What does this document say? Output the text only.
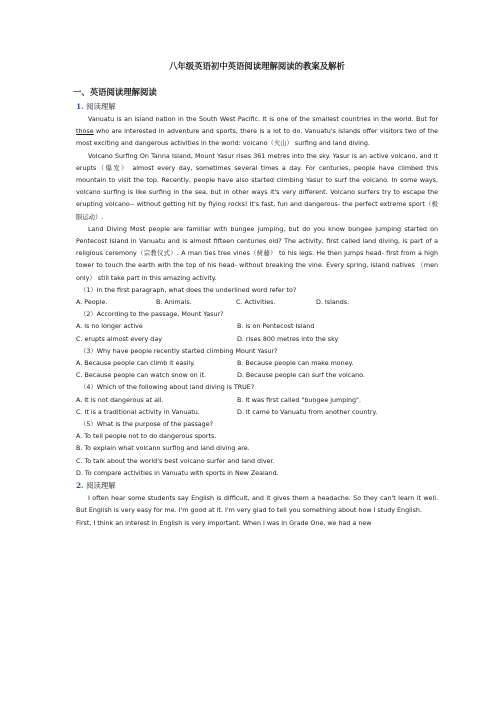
八年级英语初中英语阅读理解阅读的教案及解析
一、英语阅读理解阅读
1. 阅读理解

Vanuatu is an island nation in the South West Pacific. It is one of the smallest countries in the world. But for those who are interested in adventure and sports, there is a lot to do. Vanuatu's islands offer visitors two of the most exciting and dangerous activities in the world: volcano（火山） surfing and land diving.

Volcano Surfing On Tanna Island, Mount Yasur rises 361 metres into the sky. Yasur is an active volcano, and it erupts（爆发） almost every day, sometimes several times a day. For centuries, people have climbed this mountain to visit the top. Recently, people have also started climbing Yasur to surf the volcano. In some ways, volcano surfing is like surfing in the sea, but in other ways it's very different. Volcano surfers try to escape the erupting volcano-- without getting hit by flying rocks! It's fast, fun and dangerous- the perfect extreme sport（极限运动）.

Land Diving Most people are familiar with bungee jumping, but do you know bungee jumping started on Pentecost Island in Vanuatu and is almost fifteen centuries old? The activity, first called land diving, is part of a religious ceremony（宗教仪式）. A man ties tree vines（树藤） to his legs. He then jumps head- first from a high tower to touch the earth with the top of his head- without breaking the vine. Every spring, island natives （men only） still take part in this amazing activity.

（1）In the first paragraph, what does the underlined word refer to?
A. People.	B. Animals.	C. Activities.	D. Islands.
（2）According to the passage, Mount Yasur?
A. is no longer active	B. is on Pentecost Island
C. erupts almost every day	D. rises 800 metres into the sky
（3）Why have people recently started climbing Mount Yasur?
A. Because people can climb it easily.	B. Because people can make money.
C. Because people can watch snow on it.	D. Because people can surf the volcano.
（4）Which of the following about land diving is TRUE?
A. It is not dangerous at all.	B. It was first called "bungee jumping".
C. It is a traditional activity in Vanuatu.	D. It came to Vanuatu from another country.
（5）What is the purpose of the passage?
A. To tell people not to do dangerous sports.
B. To explain what volcano surfing and land diving are.
C. To talk about the world's best volcano surfer and land diver.
D. To compare activities in Vanuatu with sports in New Zealand.
2. 阅读理解

I often hear some students say English is difficult, and it gives them a headache. So they can't learn it well. But English is very easy for me. I'm good at it. I'm very glad to tell you something about how I study English.

First, I think an interest in English is very important. When I was in Grade One, we had a new
